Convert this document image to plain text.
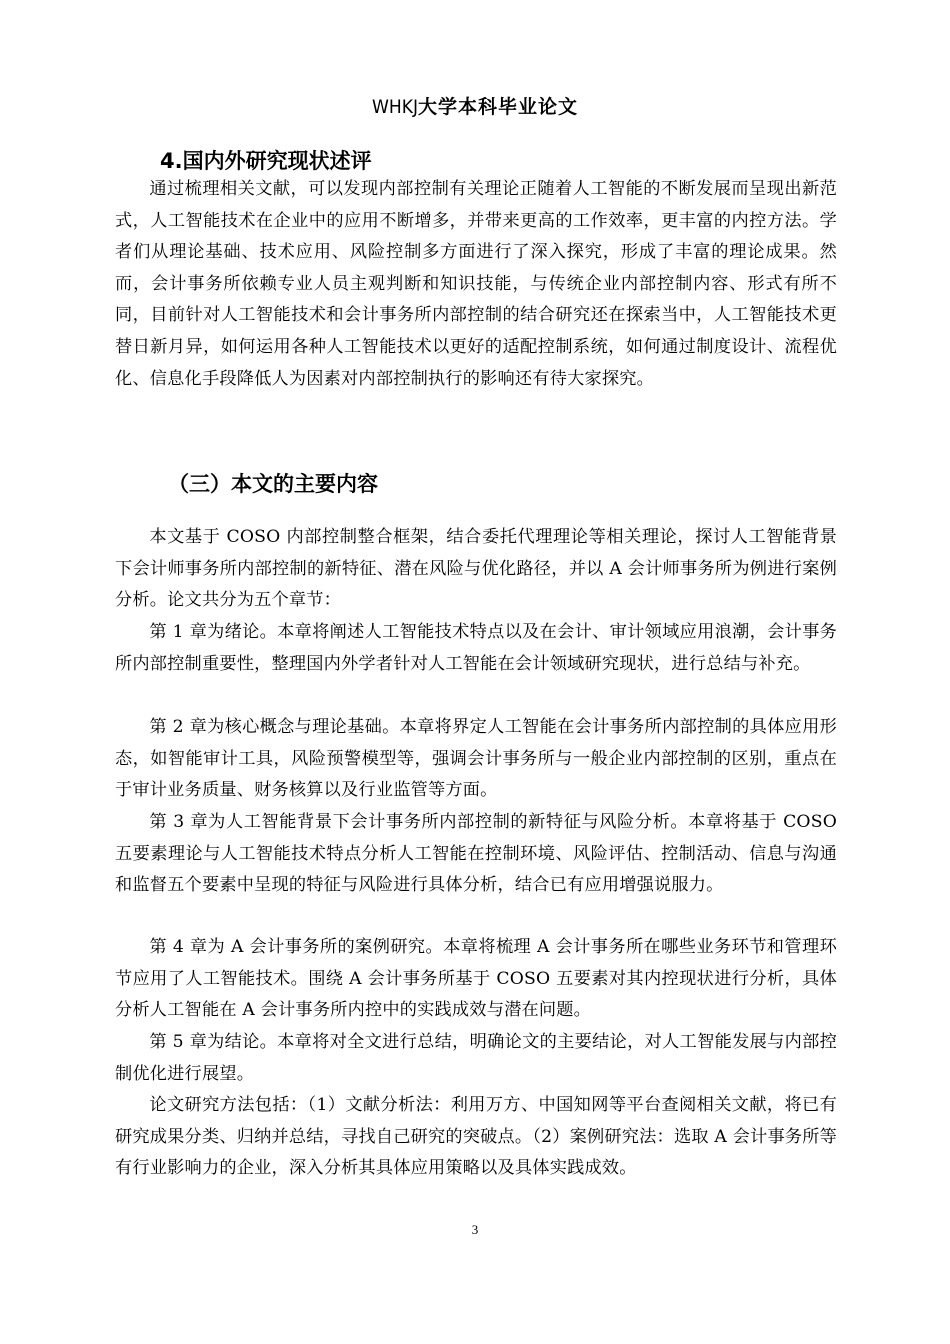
WHKJ大学本科毕业论文
4.国内外研究现状述评
通过梳理相关文献，可以发现内部控制有关理论正随着人工智能的不断发展而呈现出新范式，人工智能技术在企业中的应用不断增多，并带来更高的工作效率，更丰富的内控方法。学者们从理论基础、技术应用、风险控制多方面进行了深入探究，形成了丰富的理论成果。然而，会计事务所依赖专业人员主观判断和知识技能，与传统企业内部控制内容、形式有所不同，目前针对人工智能技术和会计事务所内部控制的结合研究还在探索当中，人工智能技术更替日新月异，如何运用各种人工智能技术以更好的适配控制系统，如何通过制度设计、流程优化、信息化手段降低人为因素对内部控制执行的影响还有待大家探究。
（三）本文的主要内容
本文基于 COSO 内部控制整合框架，结合委托代理理论等相关理论，探讨人工智能背景下会计师事务所内部控制的新特征、潜在风险与优化路径，并以 A 会计师事务所为例进行案例分析。论文共分为五个章节：
第 1 章为绪论。本章将阐述人工智能技术特点以及在会计、审计领域应用浪潮，会计事务所内部控制重要性，整理国内外学者针对人工智能在会计领域研究现状，进行总结与补充。
第 2 章为核心概念与理论基础。本章将界定人工智能在会计事务所内部控制的具体应用形态，如智能审计工具，风险预警模型等，强调会计事务所与一般企业内部控制的区别，重点在于审计业务质量、财务核算以及行业监管等方面。
第 3 章为人工智能背景下会计事务所内部控制的新特征与风险分析。本章将基于 COSO 五要素理论与人工智能技术特点分析人工智能在控制环境、风险评估、控制活动、信息与沟通和监督五个要素中呈现的特征与风险进行具体分析，结合已有应用增强说服力。
第 4 章为 A 会计事务所的案例研究。本章将梳理 A 会计事务所在哪些业务环节和管理环节应用了人工智能技术。围绕 A 会计事务所基于 COSO 五要素对其内控现状进行分析，具体分析人工智能在 A 会计事务所内控中的实践成效与潜在问题。
第 5 章为结论。本章将对全文进行总结，明确论文的主要结论，对人工智能发展与内部控制优化进行展望。
论文研究方法包括：（1）文献分析法：利用万方、中国知网等平台查阅相关文献，将已有研究成果分类、归纳并总结，寻找自己研究的突破点。（2）案例研究法：选取 A 会计事务所等有行业影响力的企业，深入分析其具体应用策略以及具体实践成效。
3
